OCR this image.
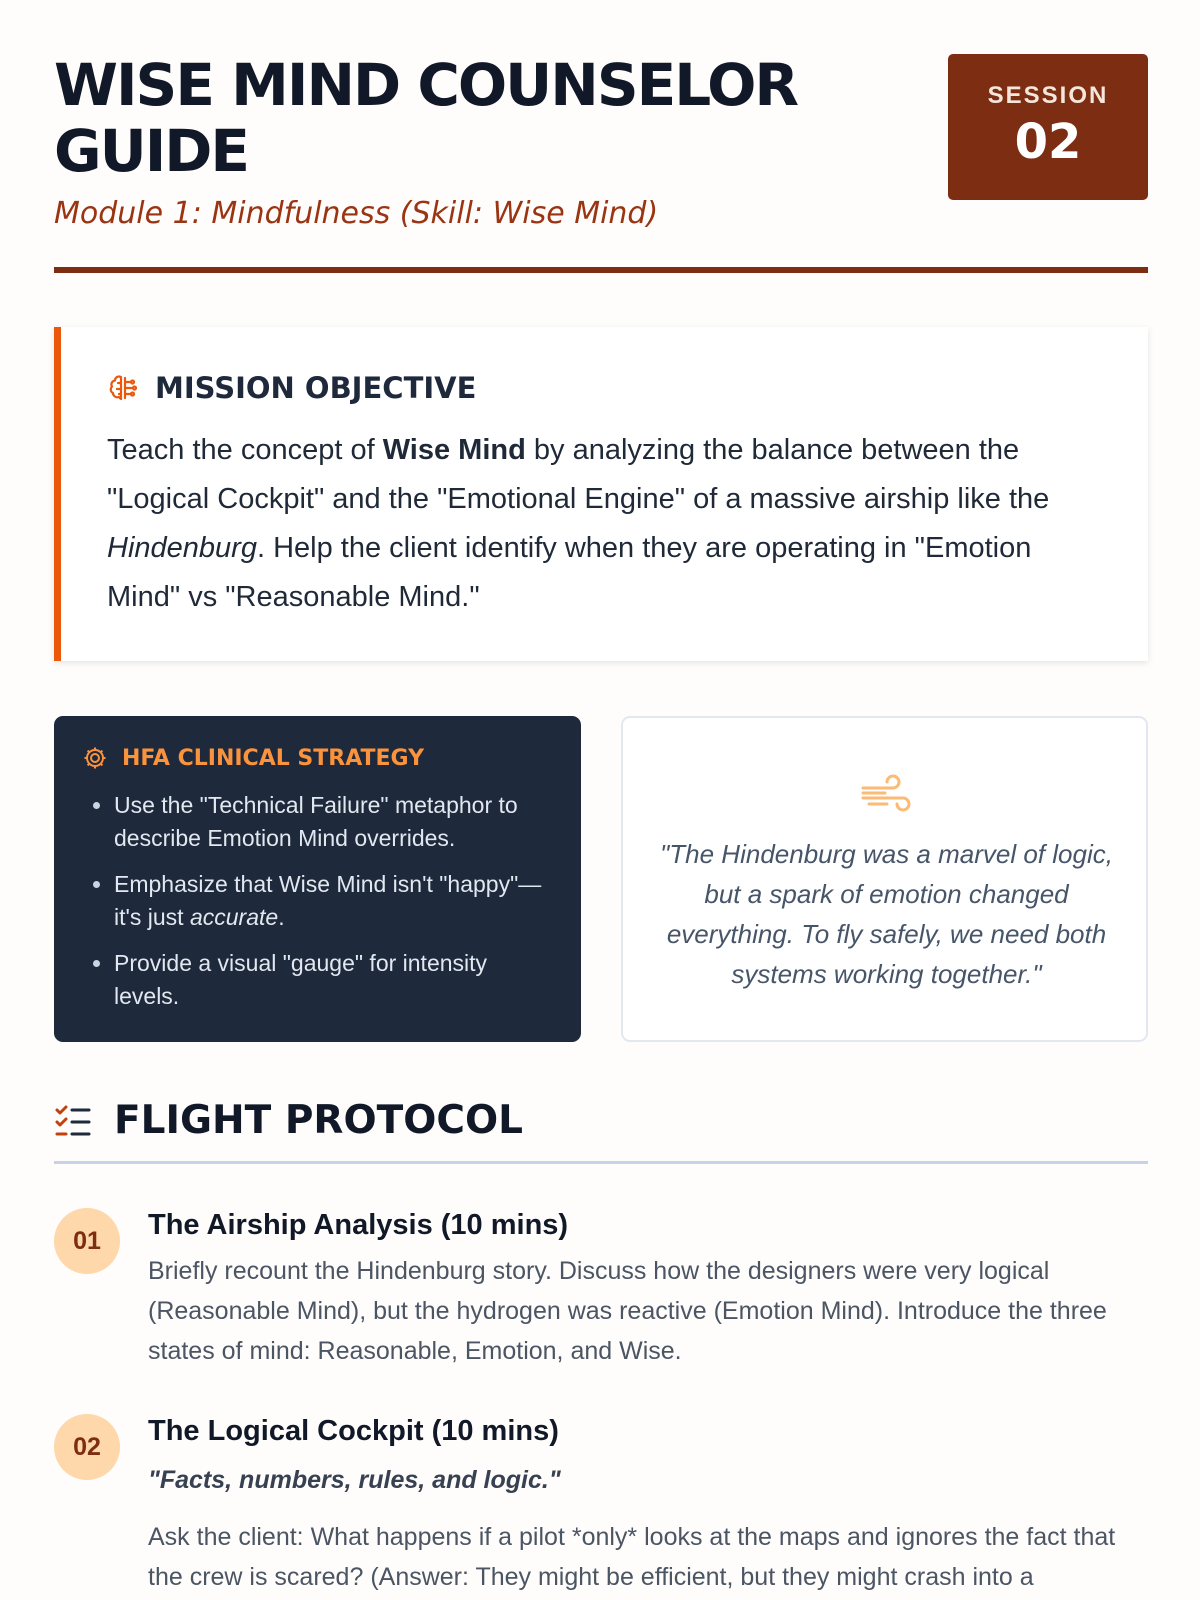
WISE MIND COUNSELOR GUIDE
Module 1: Mindfulness (Skill: Wise Mind)
SESSION
02
MISSION OBJECTIVE
Teach the concept of Wise Mind by analyzing the balance between the "Logical Cockpit" and the "Emotional Engine" of a massive airship like the Hindenburg. Help the client identify when they are operating in "Emotion Mind" vs "Reasonable Mind."
HFA CLINICAL STRATEGY
• Use the "Technical Failure" metaphor to describe Emotion Mind overrides.
• Emphasize that Wise Mind isn't "happy"—it's just accurate.
• Provide a visual "gauge" for intensity levels.
"The Hindenburg was a marvel of logic, but a spark of emotion changed everything. To fly safely, we need both systems working together."
FLIGHT PROTOCOL
01	The Airship Analysis (10 mins)
Briefly recount the Hindenburg story. Discuss how the designers were very logical (Reasonable Mind), but the hydrogen was reactive (Emotion Mind). Introduce the three states of mind: Reasonable, Emotion, and Wise.
02	The Logical Cockpit (10 mins)
"Facts, numbers, rules, and logic."
Ask the client: What happens if a pilot *only* looks at the maps and ignores the fact that the crew is scared? (Answer: They might be efficient, but they might crash into a
